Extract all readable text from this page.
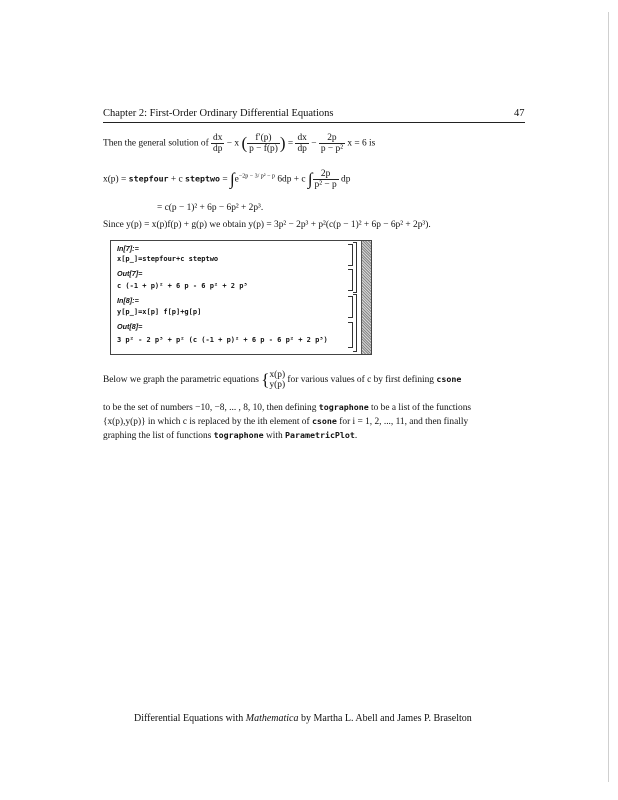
Chapter 2: First-Order Ordinary Differential Equations	47
Then the general solution of $\frac{dx}{dp} - x$ ( $\frac{f'(p)}{p - f(p)}$ ) = $\frac{dx}{dp} - \frac{2p}{\text{p − p²}}$ x = 6 is
x(p) = stepfour + c steptwo = $\int e^{-2p - 3/ p^2 - p}$ 6dp + c ∫ $\frac{2p}{\text{p² − p}}$ dp
= c(p − 1)² + 6p − 6p² + 2p³.
Since y(p) = x(p)f(p) + g(p) we obtain y(p) = 3p² − 2p³ + p²(c(p − 1)² + 6p − 6p² + 2p³).
In[7]:=
x[p_]=stepfour+c steptwo
Out[7]=
c (-1 + p)² + 6 p - 6 p² + 2 p³
In[8]:=
y[p_]=x[p] f[p]+g[p]
Out[8]=
3 p² - 2 p³ + p² (c (-1 + p)² + 6 p - 6 p² + 2 p³)
Below we graph the parametric equations { x(p)
y(p) for various values of c by first defining csone
to be the set of numbers −10, −8, ... , 8, 10, then defining tographone to be a list of the functions
{x(p),y(p)} in which c is replaced by the ith element of csone for i = 1, 2, ..., 11, and then finally
graphing the list of functions tographone with ParametricPlot.
Differential Equations with Mathematica by Martha L. Abell and James P. Braselton
